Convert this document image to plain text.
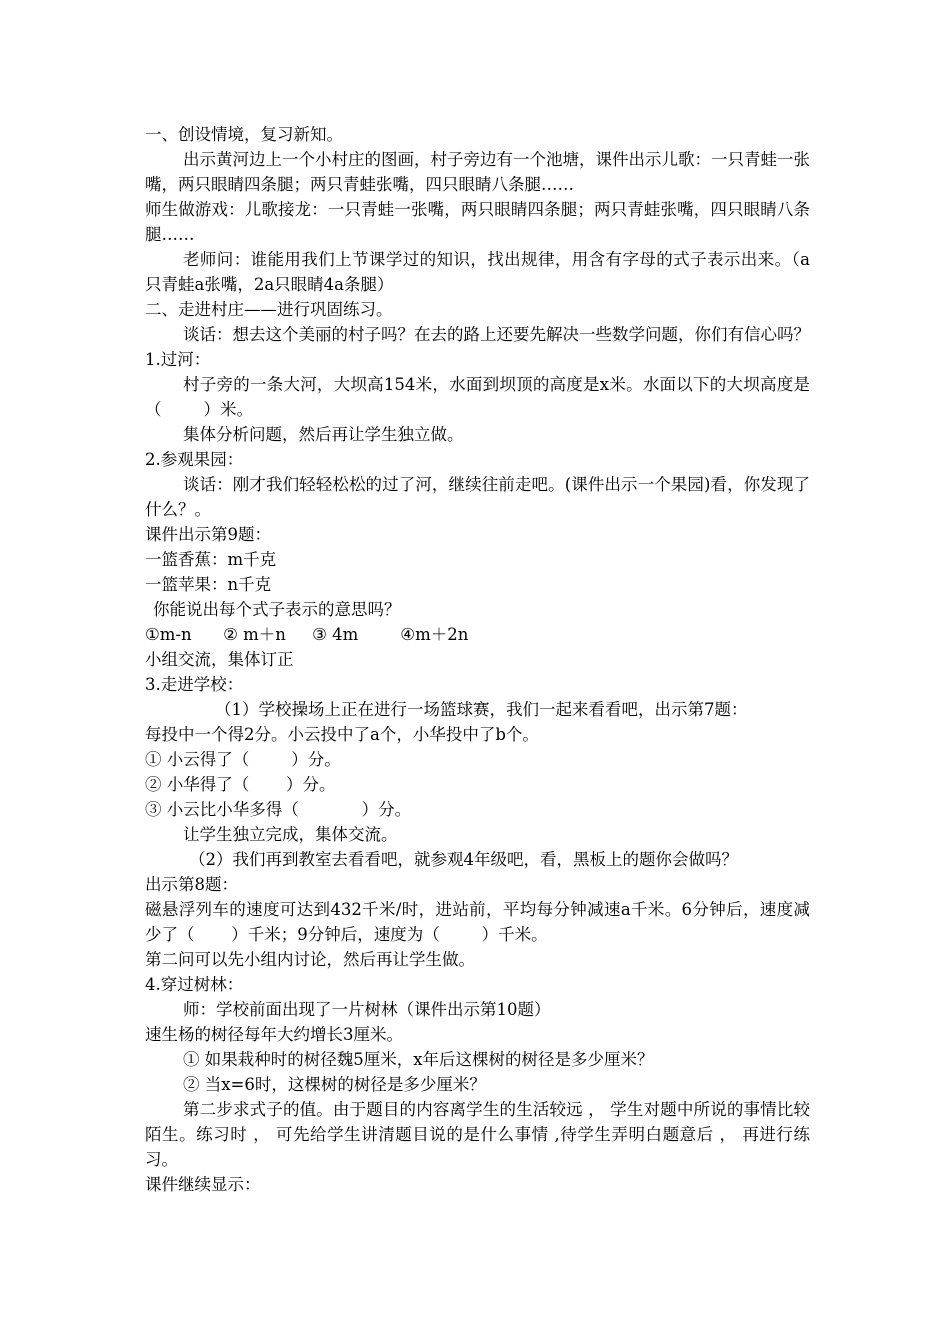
一、创设情境，复习新知。

出示黄河边上一个小村庄的图画，村子旁边有一个池塘，课件出示儿歌：一只青蛙一张嘴，两只眼睛四条腿；两只青蛙张嘴，四只眼睛八条腿……

师生做游戏：儿歌接龙：一只青蛙一张嘴，两只眼睛四条腿；两只青蛙张嘴，四只眼睛八条腿……

老师问：谁能用我们上节课学过的知识，找出规律，用含有字母的式子表示出来。（a只青蛙a张嘴，2a只眼睛4a条腿）

二、走进村庄——进行巩固练习。

谈话：想去这个美丽的村子吗？在去的路上还要先解决一些数学问题，你们有信心吗？

1.过河：

村子旁的一条大河，大坝高154米，水面到坝顶的高度是x米。水面以下的大坝高度是（        ）米。

集体分析问题，然后再让学生独立做。

2.参观果园：

谈话：刚才我们轻轻松松的过了河，继续往前走吧。(课件出示一个果园)看，你发现了什么？。

课件出示第9题：

一篮香蕉：m千克

一篮苹果：n千克

你能说出每个式子表示的意思吗？

①m-n      ② m＋n     ③ 4m        ④m＋2n

小组交流，集体订正

3.走进学校：

（1）学校操场上正在进行一场篮球赛，我们一起来看看吧，出示第7题：

每投中一个得2分。小云投中了a个，小华投中了b个。

① 小云得了（        ）分。

② 小华得了（       ）分。

③ 小云比小华多得（            ）分。

让学生独立完成，集体交流。

（2）我们再到教室去看看吧，就参观4年级吧，看，黑板上的题你会做吗？

出示第8题：

磁悬浮列车的速度可达到432千米/时，进站前，平均每分钟减速a千米。6分钟后，速度减少了（       ）千米；9分钟后，速度为（        ）千米。

第二问可以先小组内讨论，然后再让学生做。

4.穿过树林：

师：学校前面出现了一片树林（课件出示第10题）

速生杨的树径每年大约增长3厘米。

① 如果栽种时的树径魏5厘米，x年后这棵树的树径是多少厘米？

② 当x=6时，这棵树的树径是多少厘米？

第二步求式子的值。由于题目的内容离学生的生活较远 ， 学生对题中所说的事情比较陌生。练习时 ， 可先给学生讲清题目说的是什么事情 ,待学生弄明白题意后 ， 再进行练习。

课件继续显示：
